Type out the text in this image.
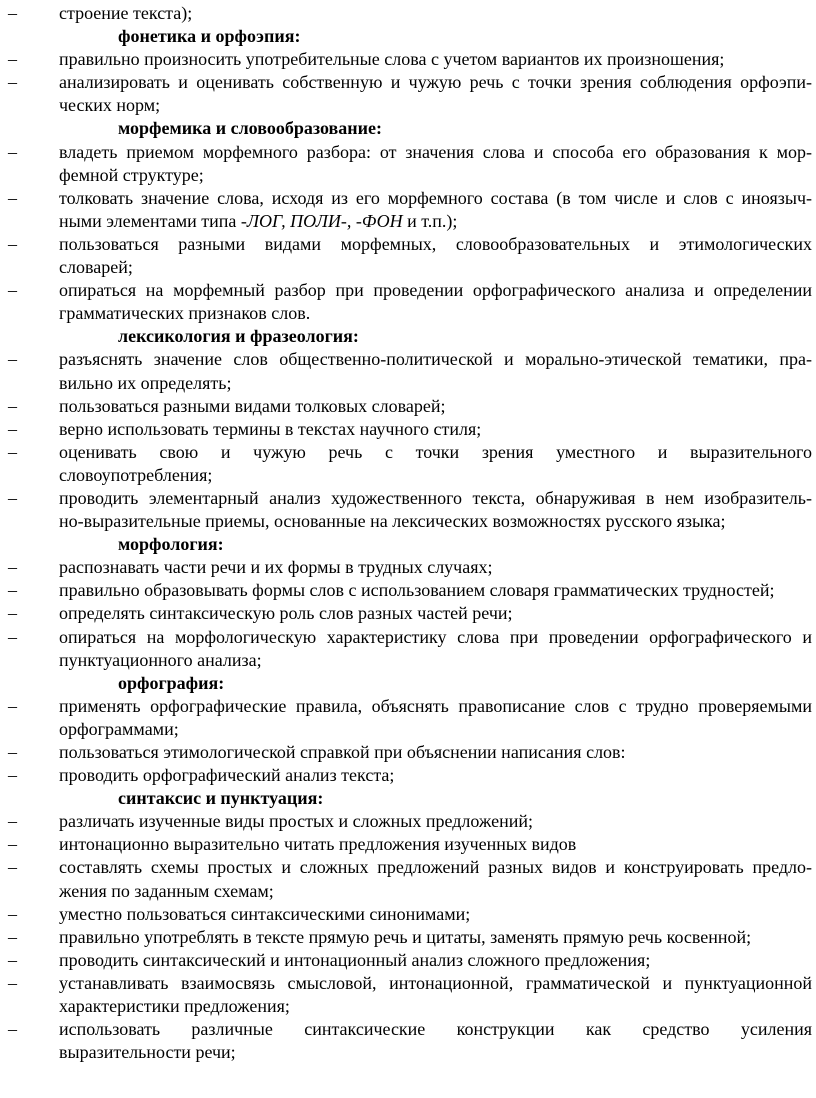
–	строение текста);
фонетика и орфоэпия:
–	правильно произносить употребительные слова с учетом вариантов их произношения;
–	анализировать и оценивать собственную и чужую речь с точки зрения соблюдения орфоэпи-
ческих норм;
морфемика и словообразование:
–	владеть приемом морфемного разбора: от значения слова и способа его образования к мор-
фемной структуре;
–	толковать значение слова, исходя из его морфемного состава (в том числе и слов с иноязыч-
ными элементами типа -ЛОГ, ПОЛИ-, -ФОН и т.п.);
–	пользоваться разными видами морфемных, словообразовательных и этимологических
словарей;
–	опираться на морфемный разбор при проведении орфографического анализа и определении
грамматических признаков слов.
лексикология и фразеология:
–	разъяснять значение слов общественно-политической и морально-этической тематики, пра-
вильно их определять;
–	пользоваться разными видами толковых словарей;
–	верно использовать термины в текстах научного стиля;
–	оценивать свою и чужую речь с точки зрения уместного и выразительного
словоупотребления;
–	проводить элементарный анализ художественного текста, обнаруживая в нем изобразитель-
но-выразительные приемы, основанные на лексических возможностях русского языка;
морфология:
–	распознавать части речи и их формы в трудных случаях;
–	правильно образовывать формы слов с использованием словаря грамматических трудностей;
–	определять синтаксическую роль слов разных частей речи;
–	опираться на морфологическую характеристику слова при проведении орфографического и
пунктуационного анализа;
орфография:
–	применять орфографические правила, объяснять правописание слов с трудно проверяемыми
орфограммами;
–	пользоваться этимологической справкой при объяснении написания слов:
–	проводить орфографический анализ текста;
синтаксис и пунктуация:
–	различать изученные виды простых и сложных предложений;
–	интонационно выразительно читать предложения изученных видов
–	составлять схемы простых и сложных предложений разных видов и конструировать предло-
жения по заданным схемам;
–	уместно пользоваться синтаксическими синонимами;
–	правильно употреблять в тексте прямую речь и цитаты, заменять прямую речь косвенной;
–	проводить синтаксический и интонационный анализ сложного предложения;
–	устанавливать взаимосвязь смысловой, интонационной, грамматической и пунктуационной
характеристики предложения;
–	использовать различные синтаксические конструкции как средство усиления
выразительности речи;
